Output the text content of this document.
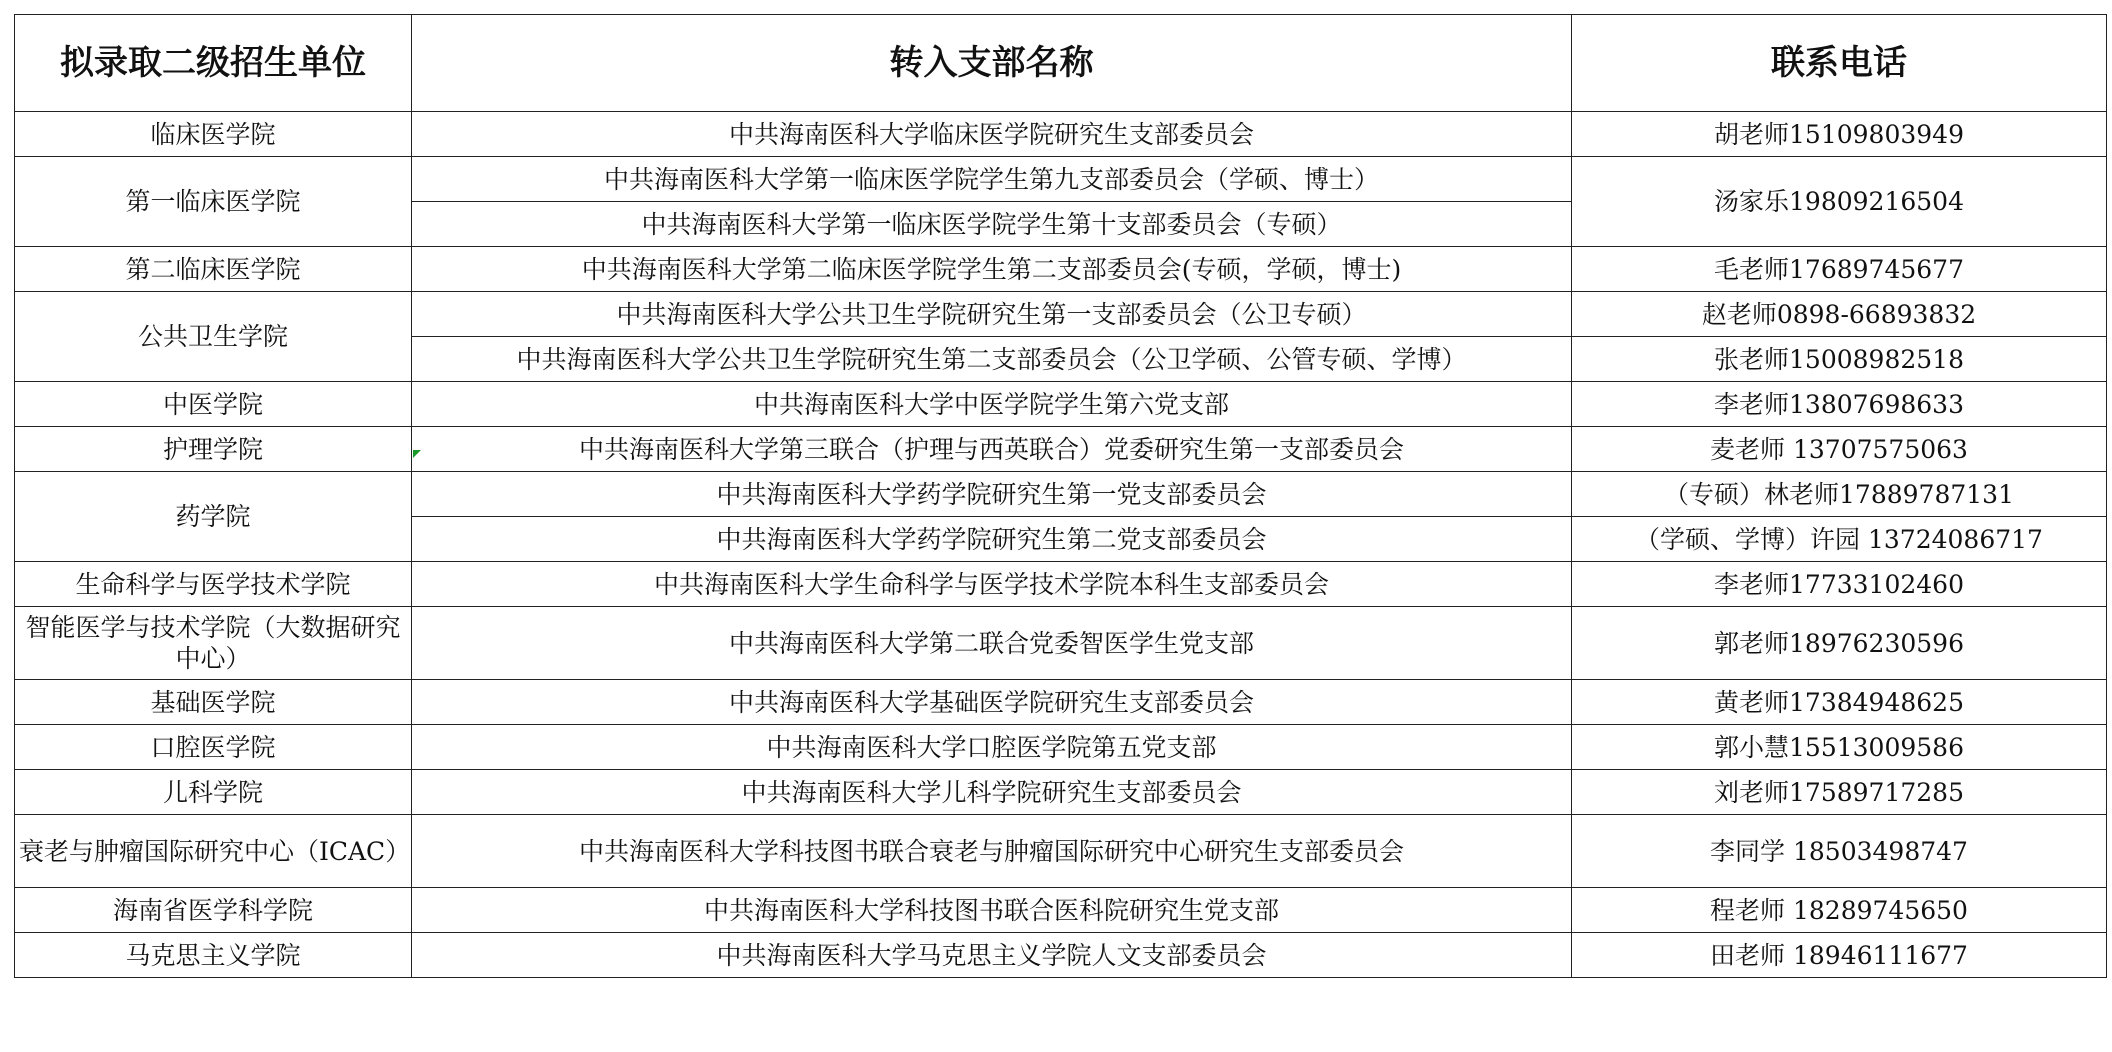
拟录取二级招生单位	转入支部名称	联系电话
临床医学院	中共海南医科大学临床医学院研究生支部委员会	胡老师15109803949
第一临床医学院	中共海南医科大学第一临床医学院学生第九支部委员会（学硕、博士）	汤家乐19809216504
	中共海南医科大学第一临床医学院学生第十支部委员会（专硕）	
第二临床医学院	中共海南医科大学第二临床医学院学生第二支部委员会(专硕，学硕，博士)	毛老师17689745677
公共卫生学院	中共海南医科大学公共卫生学院研究生第一支部委员会（公卫专硕）	赵老师0898-66893832
	中共海南医科大学公共卫生学院研究生第二支部委员会（公卫学硕、公管专硕、学博）	张老师15008982518
中医学院	中共海南医科大学中医学院学生第六党支部	李老师13807698633
护理学院	中共海南医科大学第三联合（护理与西英联合）党委研究生第一支部委员会	麦老师 13707575063
药学院	中共海南医科大学药学院研究生第一党支部委员会	（专硕）林老师17889787131
	中共海南医科大学药学院研究生第二党支部委员会	（学硕、学博）许园 13724086717
生命科学与医学技术学院	中共海南医科大学生命科学与医学技术学院本科生支部委员会	李老师17733102460
智能医学与技术学院（大数据研究中心）	中共海南医科大学第二联合党委智医学生党支部	郭老师18976230596
基础医学院	中共海南医科大学基础医学院研究生支部委员会	黄老师17384948625
口腔医学院	中共海南医科大学口腔医学院第五党支部	郭小慧15513009586
儿科学院	中共海南医科大学儿科学院研究生支部委员会	刘老师17589717285
衰老与肿瘤国际研究中心（ICAC）	中共海南医科大学科技图书联合衰老与肿瘤国际研究中心研究生支部委员会	李同学 18503498747
海南省医学科学院	中共海南医科大学科技图书联合医科院研究生党支部	程老师 18289745650
马克思主义学院	中共海南医科大学马克思主义学院人文支部委员会	田老师 18946111677
